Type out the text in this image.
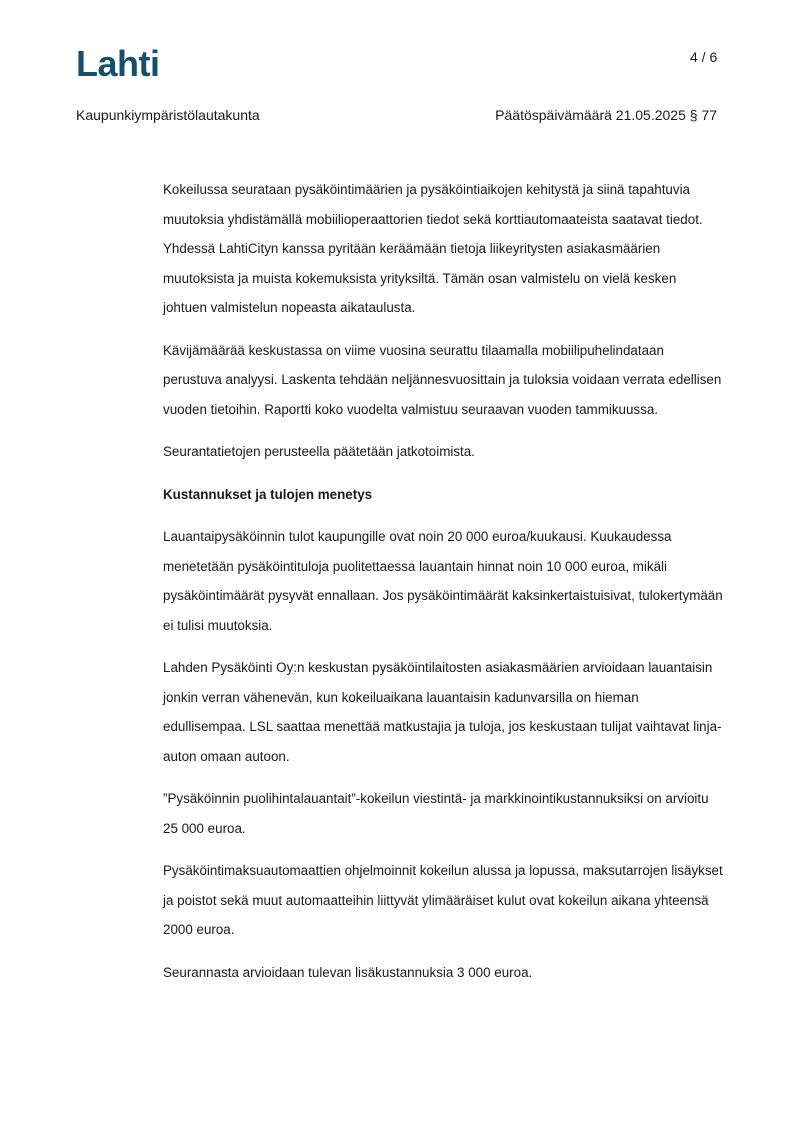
Lahti	4 / 6
Kaupunkiympäristölautakunta	Päätöspäivämäärä 21.05.2025 § 77

Kokeilussa seurataan pysäköintimäärien ja pysäköintiaikojen kehitystä ja siinä tapahtuvia muutoksia yhdistämällä mobiilioperaattorien tiedot sekä korttiautomaateista saatavat tiedot. Yhdessä LahtiCityn kanssa pyritään keräämään tietoja liikeyritysten asiakasmäärien muutoksista ja muista kokemuksista yrityksiltä. Tämän osan valmistelu on vielä kesken johtuen valmistelun nopeasta aikataulusta.

Kävijämäärää keskustassa on viime vuosina seurattu tilaamalla mobiilipuhelindataan perustuva analyysi. Laskenta tehdään neljännesvuosittain ja tuloksia voidaan verrata edellisen vuoden tietoihin. Raportti koko vuodelta valmistuu seuraavan vuoden tammikuussa.

Seurantatietojen perusteella päätetään jatkotoimista.

Kustannukset ja tulojen menetys

Lauantaipysäköinnin tulot kaupungille ovat noin 20 000 euroa/kuukausi. Kuukaudessa menetetään pysäköintituloja puolitettaessa lauantain hinnat noin 10 000 euroa, mikäli pysäköintimäärät pysyvät ennallaan. Jos pysäköintimäärät kaksinkertaistuisivat, tulokertymään ei tulisi muutoksia.

Lahden Pysäköinti Oy:n keskustan pysäköintilaitosten asiakasmäärien arvioidaan lauantaisin jonkin verran vähenevän, kun kokeiluaikana lauantaisin kadunvarsilla on hieman edullisempaa. LSL saattaa menettää matkustajia ja tuloja, jos keskustaan tulijat vaihtavat linja-auton omaan autoon.

”Pysäköinnin puolihintalauantait”-kokeilun viestintä- ja markkinointikustannuksiksi on arvioitu 25 000 euroa.

Pysäköintimaksuautomaattien ohjelmoinnit kokeilun alussa ja lopussa, maksutarrojen lisäykset ja poistot sekä muut automaatteihin liittyvät ylimääräiset kulut ovat kokeilun aikana yhteensä 2000 euroa.

Seurannasta arvioidaan tulevan lisäkustannuksia 3 000 euroa.
